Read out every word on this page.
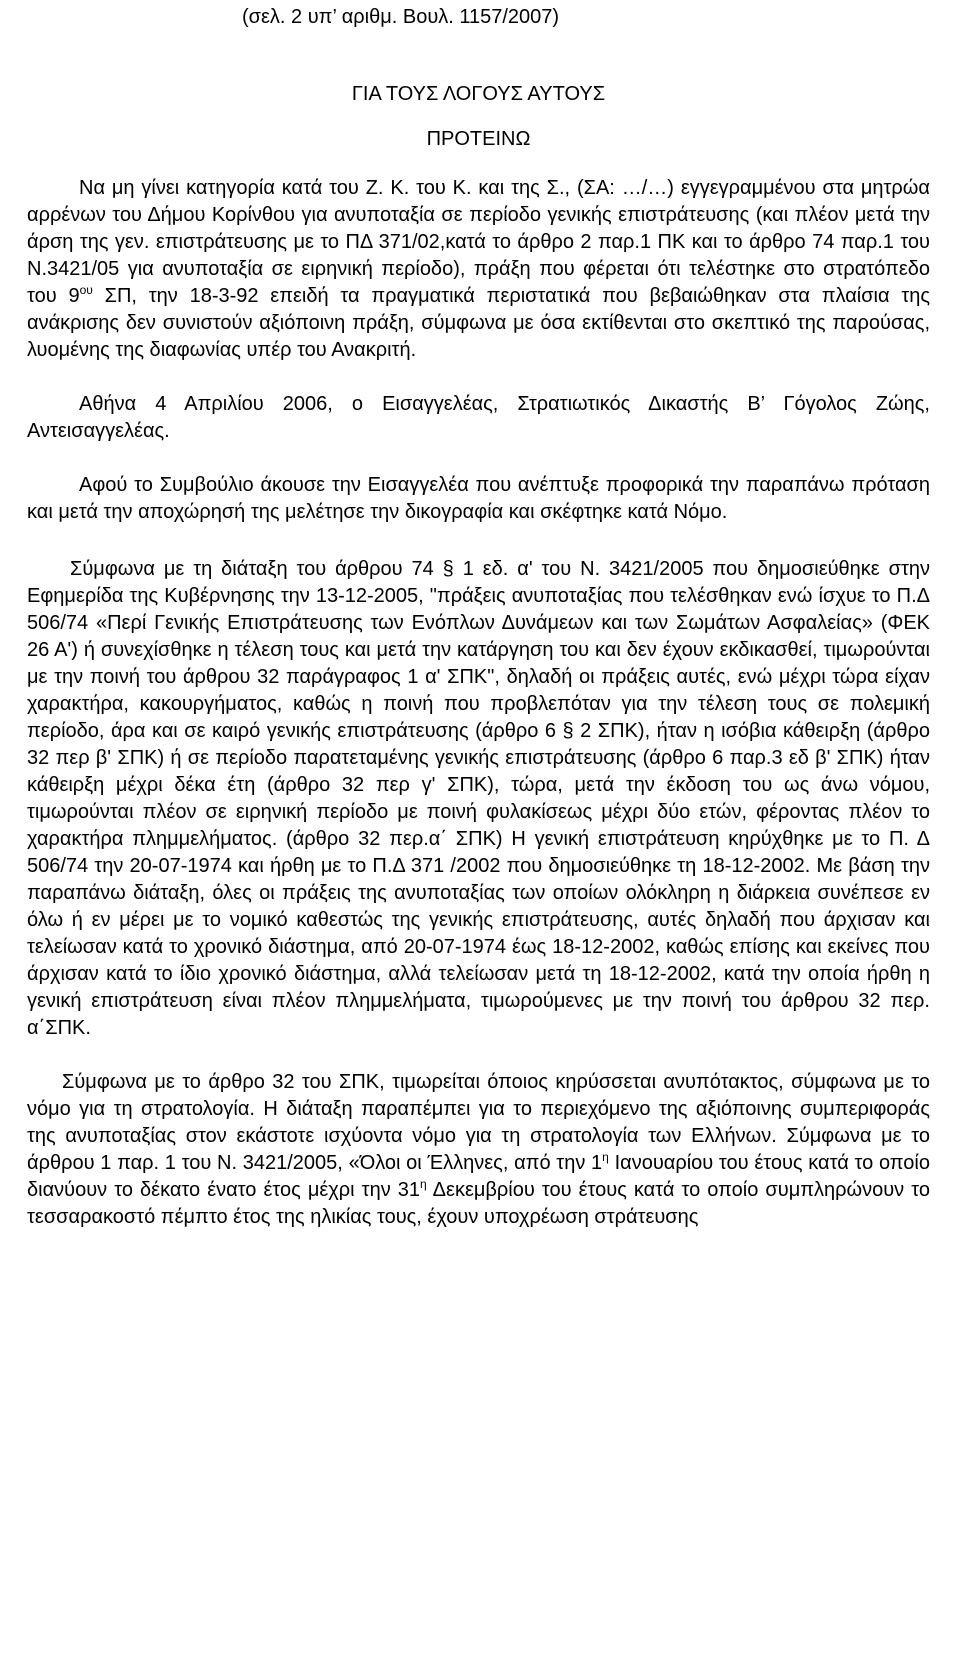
(σελ. 2 υπ’ αριθμ. Βουλ. 1157/2007)
ΓΙΑ ΤΟΥΣ ΛΟΓΟΥΣ ΑΥΤΟΥΣ
ΠΡΟΤΕΙΝΩ

Να μη γίνει κατηγορία κατά του Ζ. Κ. του Κ. και της Σ., (ΣΑ: …/…) εγγεγραμμένου στα μητρώα αρρένων του Δήμου Κορίνθου για ανυποταξία σε περίοδο γενικής επιστράτευσης (και πλέον μετά την άρση της γεν. επιστράτευσης με το ΠΔ 371/02,κατά το άρθρο 2 παρ.1 ΠΚ και το άρθρο 74 παρ.1 του Ν.3421/05 για ανυποταξία σε ειρηνική περίοδο), πράξη που φέρεται ότι τελέστηκε στο στρατόπεδο του $9^{o\upsilon}$ ΣΠ, την 18-3-92 επειδή τα πραγματικά περιστατικά που βεβαιώθηκαν στα πλαίσια της ανάκρισης δεν συνιστούν αξιόποινη πράξη, σύμφωνα με όσα εκτίθενται στο σκεπτικό της παρούσας, λυομένης της διαφωνίας υπέρ του Ανακριτή.

Αθήνα 4 Απριλίου 2006, ο Εισαγγελέας, Στρατιωτικός Δικαστής Β’ Γόγολος Ζώης, Αντεισαγγελέας.

Αφού το Συμβούλιο άκουσε την Εισαγγελέα που ανέπτυξε προφορικά την παραπάνω πρόταση και μετά την αποχώρησή της μελέτησε την δικογραφία και σκέφτηκε κατά Νόμο.

Σύμφωνα με τη διάταξη του άρθρου 74 § 1 εδ. α' του Ν. 3421/2005 που δημοσιεύθηκε στην Εφημερίδα της Κυβέρνησης την 13-12-2005, "πράξεις ανυποταξίας που τελέσθηκαν ενώ ίσχυε το Π.Δ 506/74 «Περί Γενικής Επιστράτευσης των Ενόπλων Δυνάμεων και των Σωμάτων Ασφαλείας» (ΦΕΚ 26 Α') ή συνεχίσθηκε η τέλεση τους και μετά την κατάργηση του και δεν έχουν εκδικασθεί, τιμωρούνται με την ποινή του άρθρου 32 παράγραφος 1 α' ΣΠΚ", δηλαδή οι πράξεις αυτές, ενώ μέχρι τώρα είχαν χαρακτήρα, κακουργήματος, καθώς η ποινή που προβλεπόταν για την τέλεση τους σε πολεμική περίοδο, άρα και σε καιρό γενικής επιστράτευσης (άρθρο 6 § 2 ΣΠΚ), ήταν η ισόβια κάθειρξη (άρθρο 32 περ β' ΣΠΚ) ή σε περίοδο παρατεταμένης γενικής επιστράτευσης (άρθρο 6 παρ.3 εδ β' ΣΠΚ) ήταν κάθειρξη μέχρι δέκα έτη (άρθρο 32 περ γ' ΣΠΚ), τώρα, μετά την έκδοση του ως άνω νόμου, τιμωρούνται πλέον σε ειρηνική περίοδο με ποινή φυλακίσεως μέχρι δύο ετών, φέροντας πλέον το χαρακτήρα πλημμελήματος. (άρθρο 32 περ.α΄ ΣΠΚ) Η γενική επιστράτευση κηρύχθηκε με το Π. Δ 506/74 την 20-07-1974 και ήρθη με το Π.Δ 371 /2002 που δημοσιεύθηκε τη 18-12-2002. Με βάση την παραπάνω διάταξη, όλες οι πράξεις της ανυποταξίας των οποίων ολόκληρη η διάρκεια συνέπεσε εν όλω ή εν μέρει με το νομικό καθεστώς της γενικής επιστράτευσης, αυτές δηλαδή που άρχισαν και τελείωσαν κατά το χρονικό διάστημα, από 20-07-1974 έως 18-12-2002, καθώς επίσης και εκείνες που άρχισαν κατά το ίδιο χρονικό διάστημα, αλλά τελείωσαν μετά τη 18-12-2002, κατά την οποία ήρθη η γενική επιστράτευση είναι πλέον πλημμελήματα, τιμωρούμενες με την ποινή του άρθρου 32 περ. α΄ΣΠΚ.

Σύμφωνα με το άρθρο 32 του ΣΠΚ, τιμωρείται όποιος κηρύσσεται ανυπότακτος, σύμφωνα με το νόμο για τη στρατολογία. Η διάταξη παραπέμπει για το περιεχόμενο της αξιόποινης συμπεριφοράς της ανυποταξίας στον εκάστοτε ισχύοντα νόμο για τη στρατολογία των Ελλήνων. Σύμφωνα με το άρθρου 1 παρ. 1 του Ν. 3421/2005, «Όλοι οι Έλληνες, από την $1^\eta$ Ιανουαρίου του έτους κατά το οποίο διανύουν το δέκατο ένατο έτος μέχρι την $31^\eta$ Δεκεμβρίου του έτους κατά το οποίο συμπληρώνουν το τεσσαρακοστό πέμπτο έτος της ηλικίας τους, έχουν υποχρέωση στράτευσης
